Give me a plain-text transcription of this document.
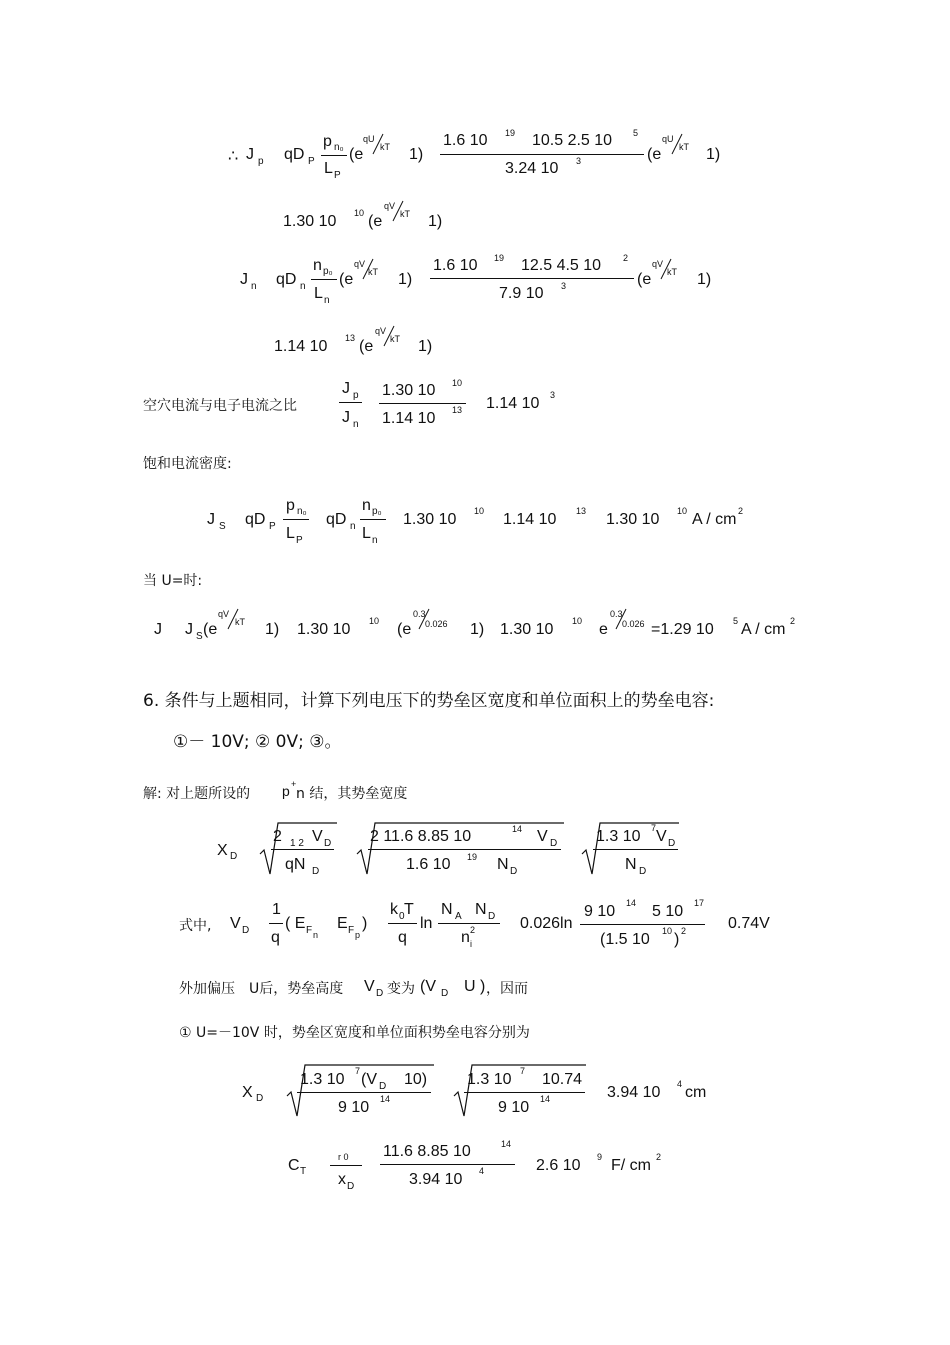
∴ J p qD P
p n₀
L P
(e
qU
kT 1)
1.6 10 19 10.5 2.5 10 5
3.24 10 3	(e
qU
kT 1)
1.30 10 10 (e
qV
kT 1)
J n qD n
n p₀
L n
(e
qV
kT 1)
1.6 10 19 12.5 4.5 10 2
7.9 10 3	(e
qV
kT 1)
1.14 10 13 (e
qV
kT 1)
空穴电流与电子电流之比
J p
J n
1.30 10 10
1.14 10 13 1.14 10 3
饱和电流密度:
J S qD P
p n₀
L P
qD n
n p₀
L n
1.30 10 10 1.14 10 13 1.30 10 10 A / cm 2
当 U=时:
J J S (e
qV
kT 1) 1.30 10 10 (e
0.3
0.026 1) 1.30 10 10 e
0.3
0.026 =1.29 10 5 A / cm 2
6. 条件与上题相同，计算下列电压下的势垒区宽度和单位面积上的势垒电容:
①－ 10V; ② 0V; ③。
解: 对上题所设的 p +
n 结，其势垒宽度
X D
2 1 2 V D
qN D
2 11.6 8.85 10	14 V D
1.6 10 19 N D
1.3 10 7 V D
N D
式中, V D
1
q
( E F n
E F p
)
k 0 T
q
ln
N A N D
n i
2	0.026ln
9 10 14 5 10 17
(1.5 10 10 ) 2	0.74V
外加偏压 U后，势垒高度 V D 变为 (V D U ) ，因而
① U=－10V 时，势垒区宽度和单位面积势垒电容分别为
X D
1.3 10 7 (V D 10)
9 10 14
1.3 10 7 10.74
9 10 14	3.94 10 4 cm
C T
r 0
x D
11.6 8.85 10	14
3.94 10 4	2.6 10 9 F/ cm 2
